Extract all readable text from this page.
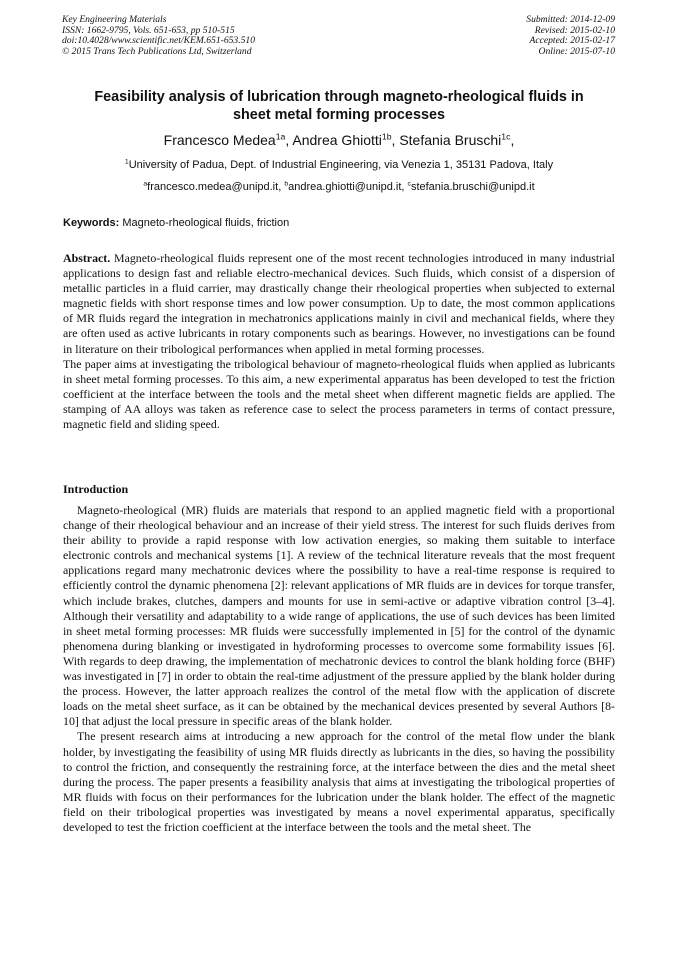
Key Engineering Materials
ISSN: 1662-9795, Vols. 651-653, pp 510-515
doi:10.4028/www.scientific.net/KEM.651-653.510
© 2015 Trans Tech Publications Ltd, Switzerland
Submitted: 2014-12-09
Revised: 2015-02-10
Accepted: 2015-02-17
Online: 2015-07-10
Feasibility analysis of lubrication through magneto-rheological fluids in
sheet metal forming processes
Francesco Medea$^{1a}$, Andrea Ghiotti$^{1b}$, Stefania Bruschi$^{1c}$,
$^1$University of Padua, Dept. of Industrial Engineering, via Venezia 1, 35131 Padova, Italy
$^a$francesco.medea@unipd.it, $^b$andrea.ghiotti@unipd.it, $^c$stefania.bruschi@unipd.it
Keywords: Magneto-rheological fluids, friction

Abstract. Magneto-rheological fluids represent one of the most recent technologies introduced in many industrial applications to design fast and reliable electro-mechanical devices. Such fluids, which consist of a dispersion of metallic particles in a fluid carrier, may drastically change their rheological properties when subjected to external magnetic fields with short response times and low power consumption. Up to date, the most common applications of MR fluids regard the integration in mechatronics applications mainly in civil and mechanical fields, where they are often used as active lubricants in rotary components such as bearings. However, no investigations can be found in literature on their tribological performances when applied in metal forming processes.

The paper aims at investigating the tribological behaviour of magneto-rheological fluids when applied as lubricants in sheet metal forming processes. To this aim, a new experimental apparatus has been developed to test the friction coefficient at the interface between the tools and the metal sheet when different magnetic fields are applied. The stamping of AA alloys was taken as reference case to select the process parameters in terms of contact pressure, magnetic field and sliding speed.

Introduction

Magneto-rheological (MR) fluids are materials that respond to an applied magnetic field with a proportional change of their rheological behaviour and an increase of their yield stress. The interest for such fluids derives from their ability to provide a rapid response with low activation energies, so making them suitable to interface electronic controls and mechanical systems [1]. A review of the technical literature reveals that the most frequent applications regard many mechatronic devices where the possibility to have a real-time response is required to efficiently control the dynamic phenomena [2]: relevant applications of MR fluids are in devices for torque transfer, which include brakes, clutches, dampers and mounts for use in semi-active or adaptive vibration control [3–4]. Although their versatility and adaptability to a wide range of applications, the use of such devices has been limited in sheet metal forming processes: MR fluids were successfully implemented in [5] for the control of the dynamic phenomena during blanking or investigated in hydroforming processes to overcome some formability issues [6]. With regards to deep drawing, the implementation of mechatronic devices to control the blank holding force (BHF) was investigated in [7] in order to obtain the real-time adjustment of the pressure applied by the blank holder during the process. However, the latter approach realizes the control of the metal flow with the application of discrete loads on the metal sheet surface, as it can be obtained by the mechanical devices presented by several Authors [8-10] that adjust the local pressure in specific areas of the blank holder.

The present research aims at introducing a new approach for the control of the metal flow under the blank holder, by investigating the feasibility of using MR fluids directly as lubricants in the dies, so having the possibility to control the friction, and consequently the restraining force, at the interface between the dies and the metal sheet during the process. The paper presents a feasibility analysis that aims at investigating the tribological properties of MR fluids with focus on their performances for the lubrication under the blank holder. The effect of the magnetic field on their tribological properties was investigated by means a novel experimental apparatus, specifically developed to test the friction coefficient at the interface between the tools and the metal sheet. The
